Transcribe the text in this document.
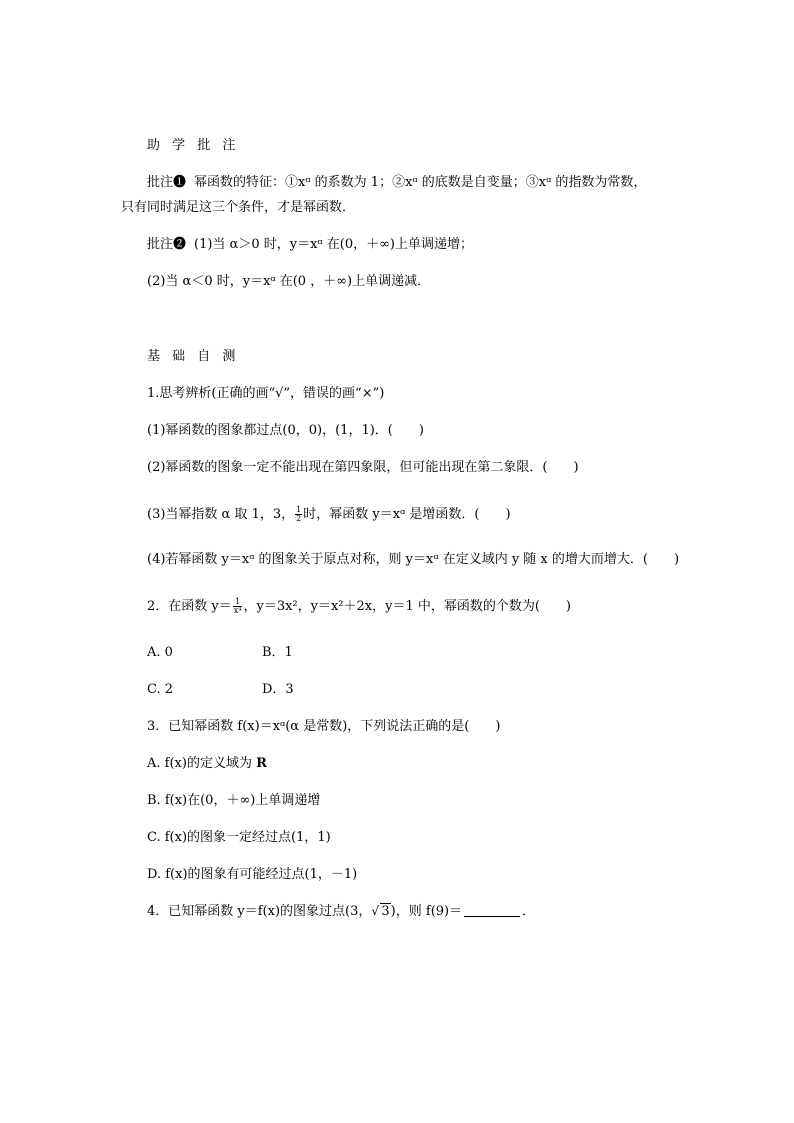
助 学 批 注
批注❶ 幂函数的特征：①xᵅ 的系数为 1；②xᵅ 的底数是自变量；③xᵅ 的指数为常数，
只有同时满足这三个条件，才是幂函数．
批注❷ (1)当 α＞0 时，y＝xᵅ 在(0，＋∞)上单调递增；
(2)当 α＜0 时，y＝xᵅ 在(0 ，＋∞)上单调递减．
基 础 自 测
1.思考辨析(正确的画“√”，错误的画“×”)
(1)幂函数的图象都过点(0，0)，(1，1)．(　　)
(2)幂函数的图象一定不能出现在第四象限，但可能出现在第二象限．(　　)
(3)当幂指数 α 取 1，3， $\frac{1}{2}$ 时，幂函数 y＝xᵅ 是增函数．(　　)
(4)若幂函数 y＝xᵅ 的图象关于原点对称，则 y＝xᵅ 在定义域内 y 随 x 的增大而增大．(　　)
2．在函数 $y= \frac{1}{\text{x⁴}}$ ，y＝3x²，y＝x²＋2x，y＝1 中，幂函数的个数为(　　)
A. 0	B．1
C. 2	D．3
3．已知幂函数 f(x)＝xᵅ(α 是常数)，下列说法正确的是(　　)
A. f(x)的定义域为 R
B. f(x)在(0，＋∞)上单调递增
C. f(x)的图象一定经过点(1，1)
D. f(x)的图象有可能经过点(1，－1)
4．已知幂函数 y＝f(x)的图象过点(3，√ 3)，则 f(9)＝	．
